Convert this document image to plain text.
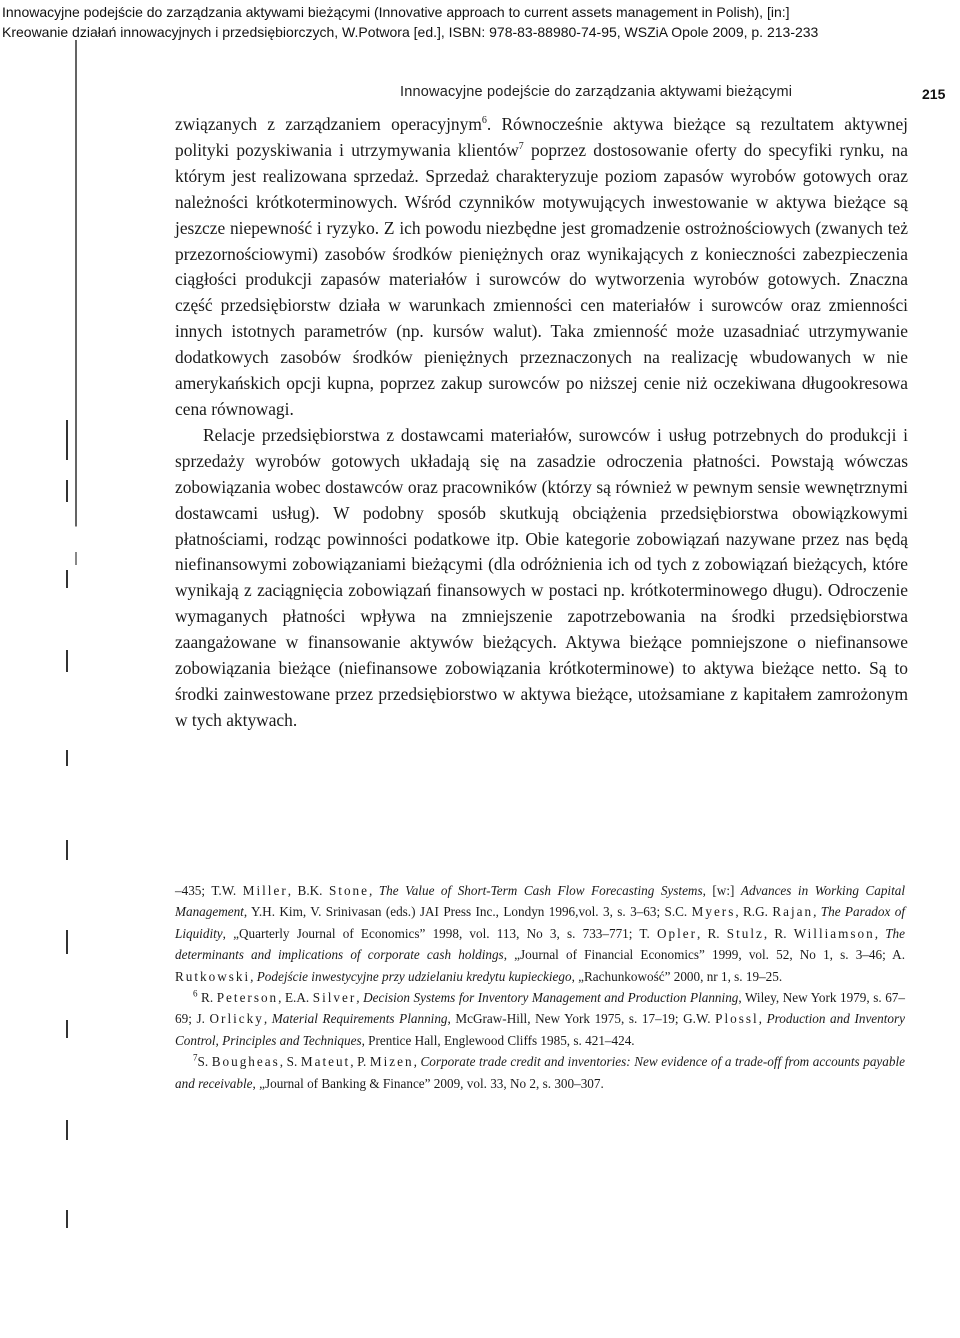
Innowacyjne podejście do zarządzania aktywami bieżącymi (Innovative approach to current assets management in Polish), [in:]
Kreowanie działań innowacyjnych i przedsiębiorczych, W.Potwora [ed.], ISBN: 978-83-88980-74-95, WSZiA Opole 2009, p. 213-233
Innowacyjne podejście do zarządzania aktywami bieżącymi	215

związanych z zarządzaniem operacyjnym$^6$. Równocześnie aktywa bieżące są rezultatem aktywnej polityki pozyskiwania i utrzymywania klientów$^7$ poprzez dostosowanie oferty do specyfiki rynku, na którym jest realizowana sprzedaż. Sprzedaż charakteryzuje poziom zapasów wyrobów gotowych oraz należności krótkoterminowych. Wśród czynników motywujących inwestowanie w aktywa bieżące są jeszcze niepewność i ryzyko. Z ich powodu niezbędne jest gromadzenie ostrożnościowych (zwanych też przezornościowymi) zasobów środków pieniężnych oraz wynikających z konieczności zabezpieczenia ciągłości produkcji zapasów materiałów i surowców do wytworzenia wyrobów gotowych. Znaczna część przedsiębiorstw działa w warunkach zmienności cen materiałów i surowców oraz zmienności innych istotnych parametrów (np. kursów walut). Taka zmienność może uzasadniać utrzymywanie dodatkowych zasobów środków pieniężnych przeznaczonych na realizację wbudowanych w nie amerykańskich opcji kupna, poprzez zakup surowców po niższej cenie niż oczekiwana długookresowa cena równowagi.

Relacje przedsiębiorstwa z dostawcami materiałów, surowców i usług potrzebnych do produkcji i sprzedaży wyrobów gotowych układają się na zasadzie odroczenia płatności. Powstają wówczas zobowiązania wobec dostawców oraz pracowników (którzy są również w pewnym sensie wewnętrznymi dostawcami usług). W podobny sposób skutkują obciążenia przedsiębiorstwa obowiązkowymi płatnościami, rodząc powinności podatkowe itp. Obie kategorie zobowiązań nazywane przez nas będą niefinansowymi zobowiązaniami bieżącymi (dla odróżnienia ich od tych z zobowiązań bieżących, które wynikają z zaciągnięcia zobowiązań finansowych w postaci np. krótkoterminowego długu). Odroczenie wymaganych płatności wpływa na zmniejszenie zapotrzebowania na środki przedsiębiorstwa zaangażowane w finansowanie aktywów bieżących. Aktywa bieżące pomniejszone o niefinansowe zobowiązania bieżące (niefinansowe zobowiązania krótkoterminowe) to aktywa bieżące netto. Są to środki zainwestowane przez przedsiębiorstwo w aktywa bieżące, utożsamiane z kapitałem zamrożonym w tych aktywach.

–435; T.W. Miller, B.K. Stone, The Value of Short-Term Cash Flow Forecasting Systems, [w:] Advances in Working Capital Management, Y.H. Kim, V. Srinivasan (eds.) JAI Press Inc., Londyn 1996,vol. 3, s. 3–63; S.C. Myers, R.G. Rajan, The Paradox of Liquidity, „Quarterly Journal of Economics” 1998, vol. 113, No 3, s. 733–771; T. Opler, R. Stulz, R. Williamson, The determinants and implications of corporate cash holdings, „Journal of Financial Economics” 1999, vol. 52, No 1, s. 3–46; A. Rutkowski, Podejście inwestycyjne przy udzielaniu kredytu kupieckiego, „Rachunkowość” 2000, nr 1, s. 19–25.

$^6$ R. Peterson, E.A. Silver, Decision Systems for Inventory Management and Production Planning, Wiley, New York 1979, s. 67–69; J. Orlicky, Material Requirements Planning, McGraw-Hill, New York 1975, s. 17–19; G.W. Plossl, Production and Inventory Control, Principles and Techniques, Prentice Hall, Englewood Cliffs 1985, s. 421–424.

$^7$S. Bougheas, S. Mateut, P. Mizen, Corporate trade credit and inventories: New evidence of a trade-off from accounts payable and receivable, „Journal of Banking & Finance” 2009, vol. 33, No 2, s. 300–307.
